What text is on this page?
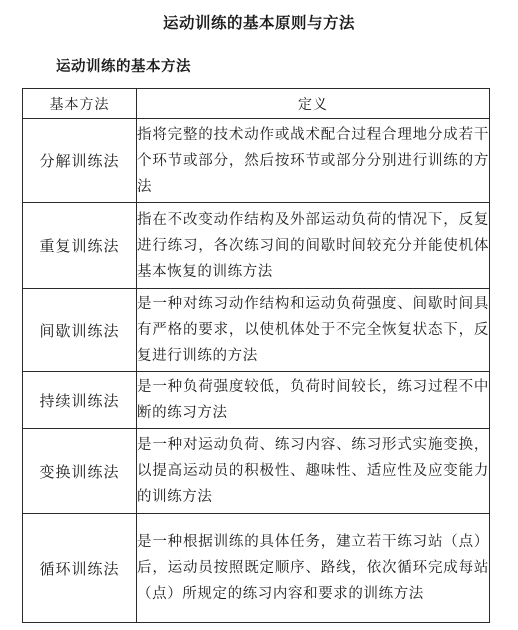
运动训练的基本原则与方法
运动训练的基本方法
基本方法	定义
分解训练法	指将完整的技术动作或战术配合过程合理地分成若干个环节或部分，然后按环节或部分分别进行训练的方法
重复训练法	指在不改变动作结构及外部运动负荷的情况下，反复进行练习，各次练习间的间歇时间较充分并能使机体基本恢复的训练方法
间歇训练法	是一种对练习动作结构和运动负荷强度、间歇时间具有严格的要求，以使机体处于不完全恢复状态下，反复进行训练的方法
持续训练法	是一种负荷强度较低，负荷时间较长，练习过程不中断的练习方法
变换训练法	是一种对运动负荷、练习内容、练习形式实施变换，以提高运动员的积极性、趣味性、适应性及应变能力的训练方法
循环训练法	是一种根据训练的具体任务，建立若干练习站（点）后，运动员按照既定顺序、路线，依次循环完成每站（点）所规定的练习内容和要求的训练方法
